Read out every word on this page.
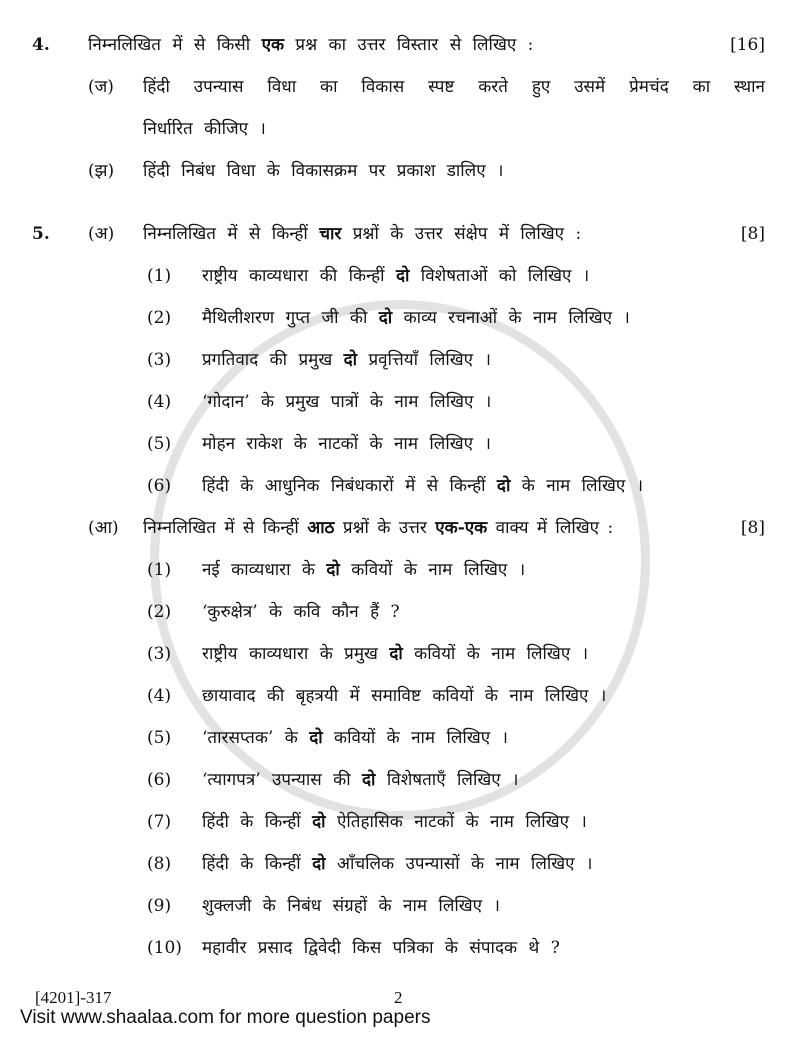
4.	निम्नलिखित में से किसी एक प्रश्न का उत्तर विस्तार से लिखिए :	[16]
(ज)	हिंदी उपन्यास विधा का विकास स्पष्ट करते हुए उसमें प्रेमचंद का स्थान
निर्धारित कीजिए ।
(झ)	हिंदी निबंध विधा के विकासक्रम पर प्रकाश डालिए ।
5.	(अ)	निम्नलिखित में से किन्हीं चार प्रश्नों के उत्तर संक्षेप में लिखिए :	[8]
(1)	राष्ट्रीय काव्यधारा की किन्हीं दो विशेषताओं को लिखिए ।
(2)	मैथिलीशरण गुप्त जी की दो काव्य रचनाओं के नाम लिखिए ।
(3)	प्रगतिवाद की प्रमुख दो प्रवृत्तियाँ लिखिए ।
(4)	‘गोदान’ के प्रमुख पात्रों के नाम लिखिए ।
(5)	मोहन राकेश के नाटकों के नाम लिखिए ।
(6)	हिंदी के आधुनिक निबंधकारों में से किन्हीं दो के नाम लिखिए ।
(आ)	निम्नलिखित में से किन्हीं आठ प्रश्नों के उत्तर एक-एक वाक्य में लिखिए :	[8]
(1)	नई काव्यधारा के दो कवियों के नाम लिखिए ।
(2)	‘कुरुक्षेत्र’ के कवि कौन हैं ?
(3)	राष्ट्रीय काव्यधारा के प्रमुख दो कवियों के नाम लिखिए ।
(4)	छायावाद की बृहत्रयी में समाविष्ट कवियों के नाम लिखिए ।
(5)	‘तारसप्तक’ के दो कवियों के नाम लिखिए ।
(6)	‘त्यागपत्र’ उपन्यास की दो विशेषताएँ लिखिए ।
(7)	हिंदी के किन्हीं दो ऐतिहासिक नाटकों के नाम लिखिए ।
(8)	हिंदी के किन्हीं दो आँचलिक उपन्यासों के नाम लिखिए ।
(9)	शुक्लजी के निबंध संग्रहों के नाम लिखिए ।
(10)	महावीर प्रसाद द्विवेदी किस पत्रिका के संपादक थे ?
[4201]-317	2
Visit www.shaalaa.com for more question papers
